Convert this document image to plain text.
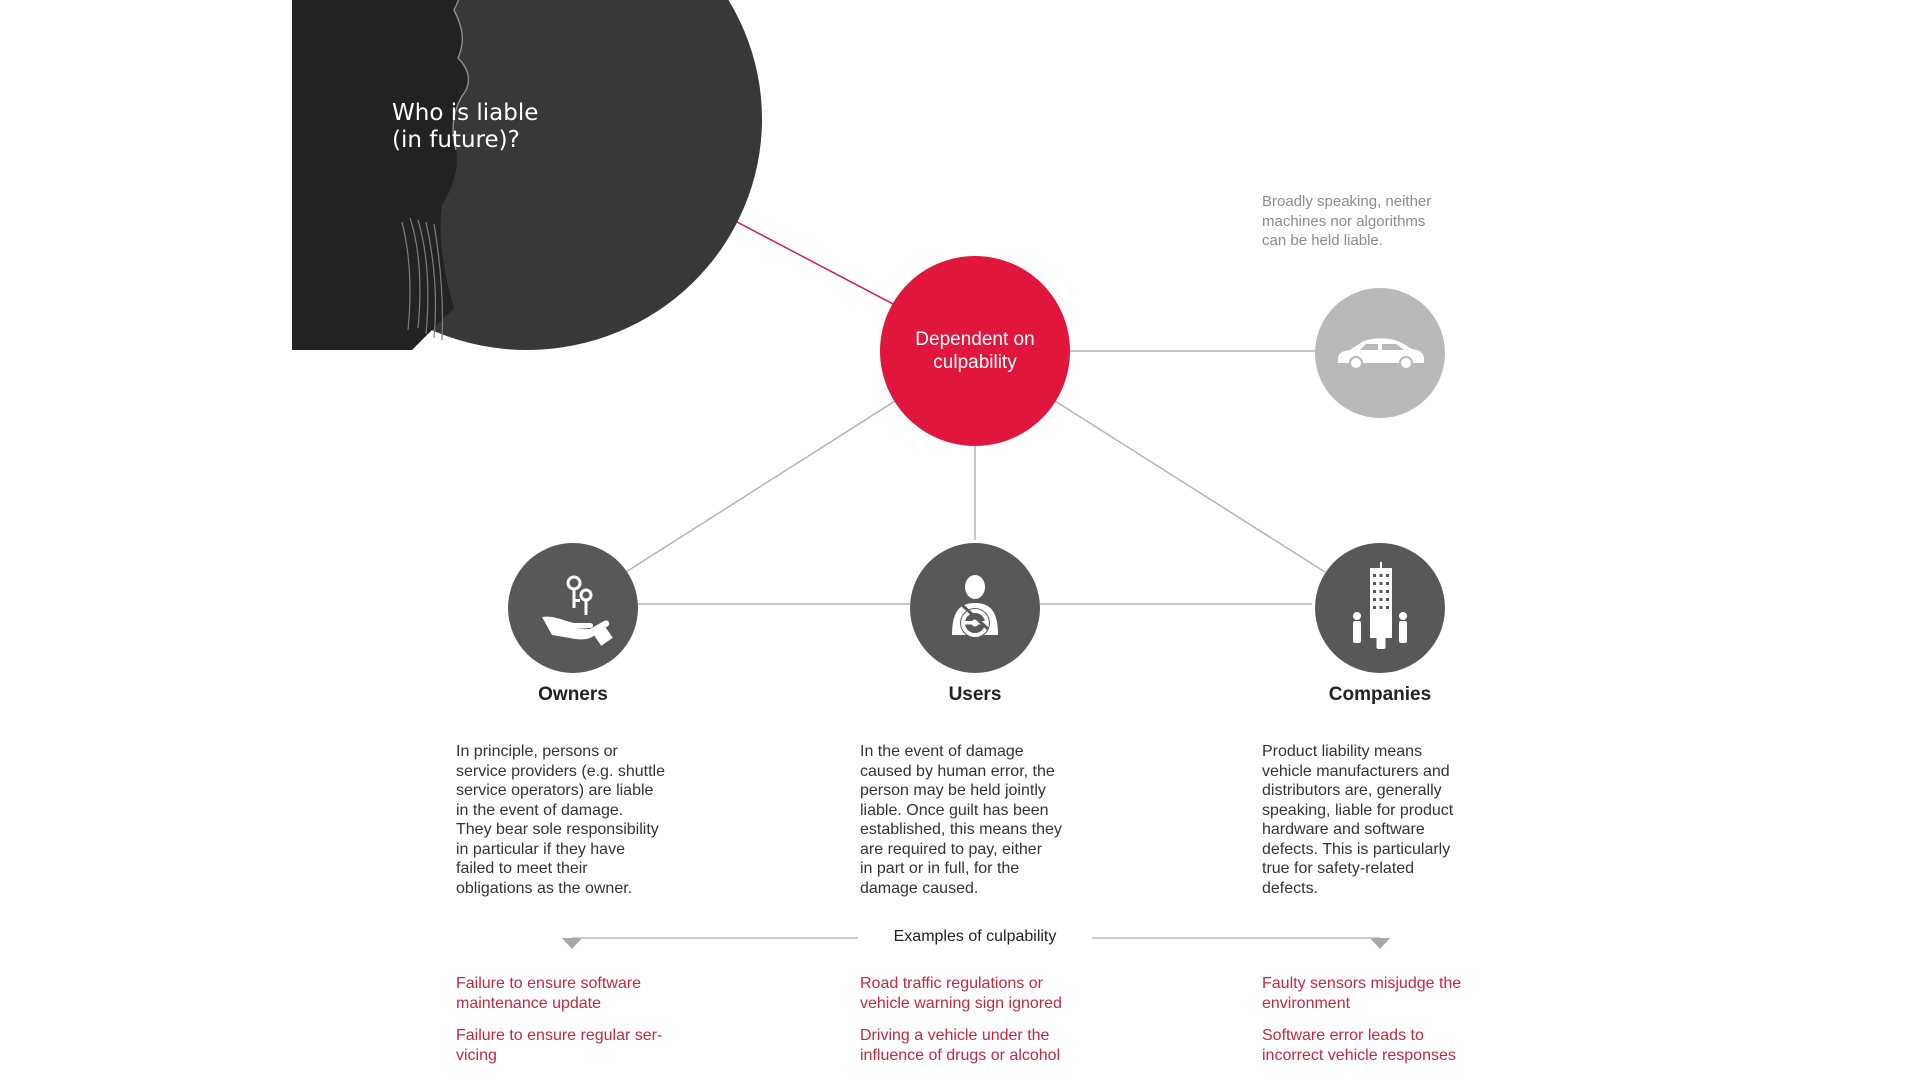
Who is liable
(in future)?

Dependent on
culpability
Broadly speaking, neither
machines nor algorithms
can be held liable.
Owners	Users	Companies

In principle, persons or
service providers (e.g. shuttle
service operators) are liable
in the event of damage.
They bear sole responsibility
in particular if they have
failed to meet their
obligations as the owner.

In the event of damage
caused by human error, the
person may be held jointly
liable. Once guilt has been
established, this means they
are required to pay, either
in part or in full, for the
damage caused.

Product liability means
vehicle manufacturers and
distributors are, generally
speaking, liable for product
hardware and software
defects. This is particularly
true for safety-related
defects.

Examples of culpability
Failure to ensure software
maintenance update
Failure to ensure regular ser-
vicing
Road traffic regulations or
vehicle warning sign ignored
Driving a vehicle under the
influence of drugs or alcohol
Faulty sensors misjudge the
environment
Software error leads to
incorrect vehicle responses
